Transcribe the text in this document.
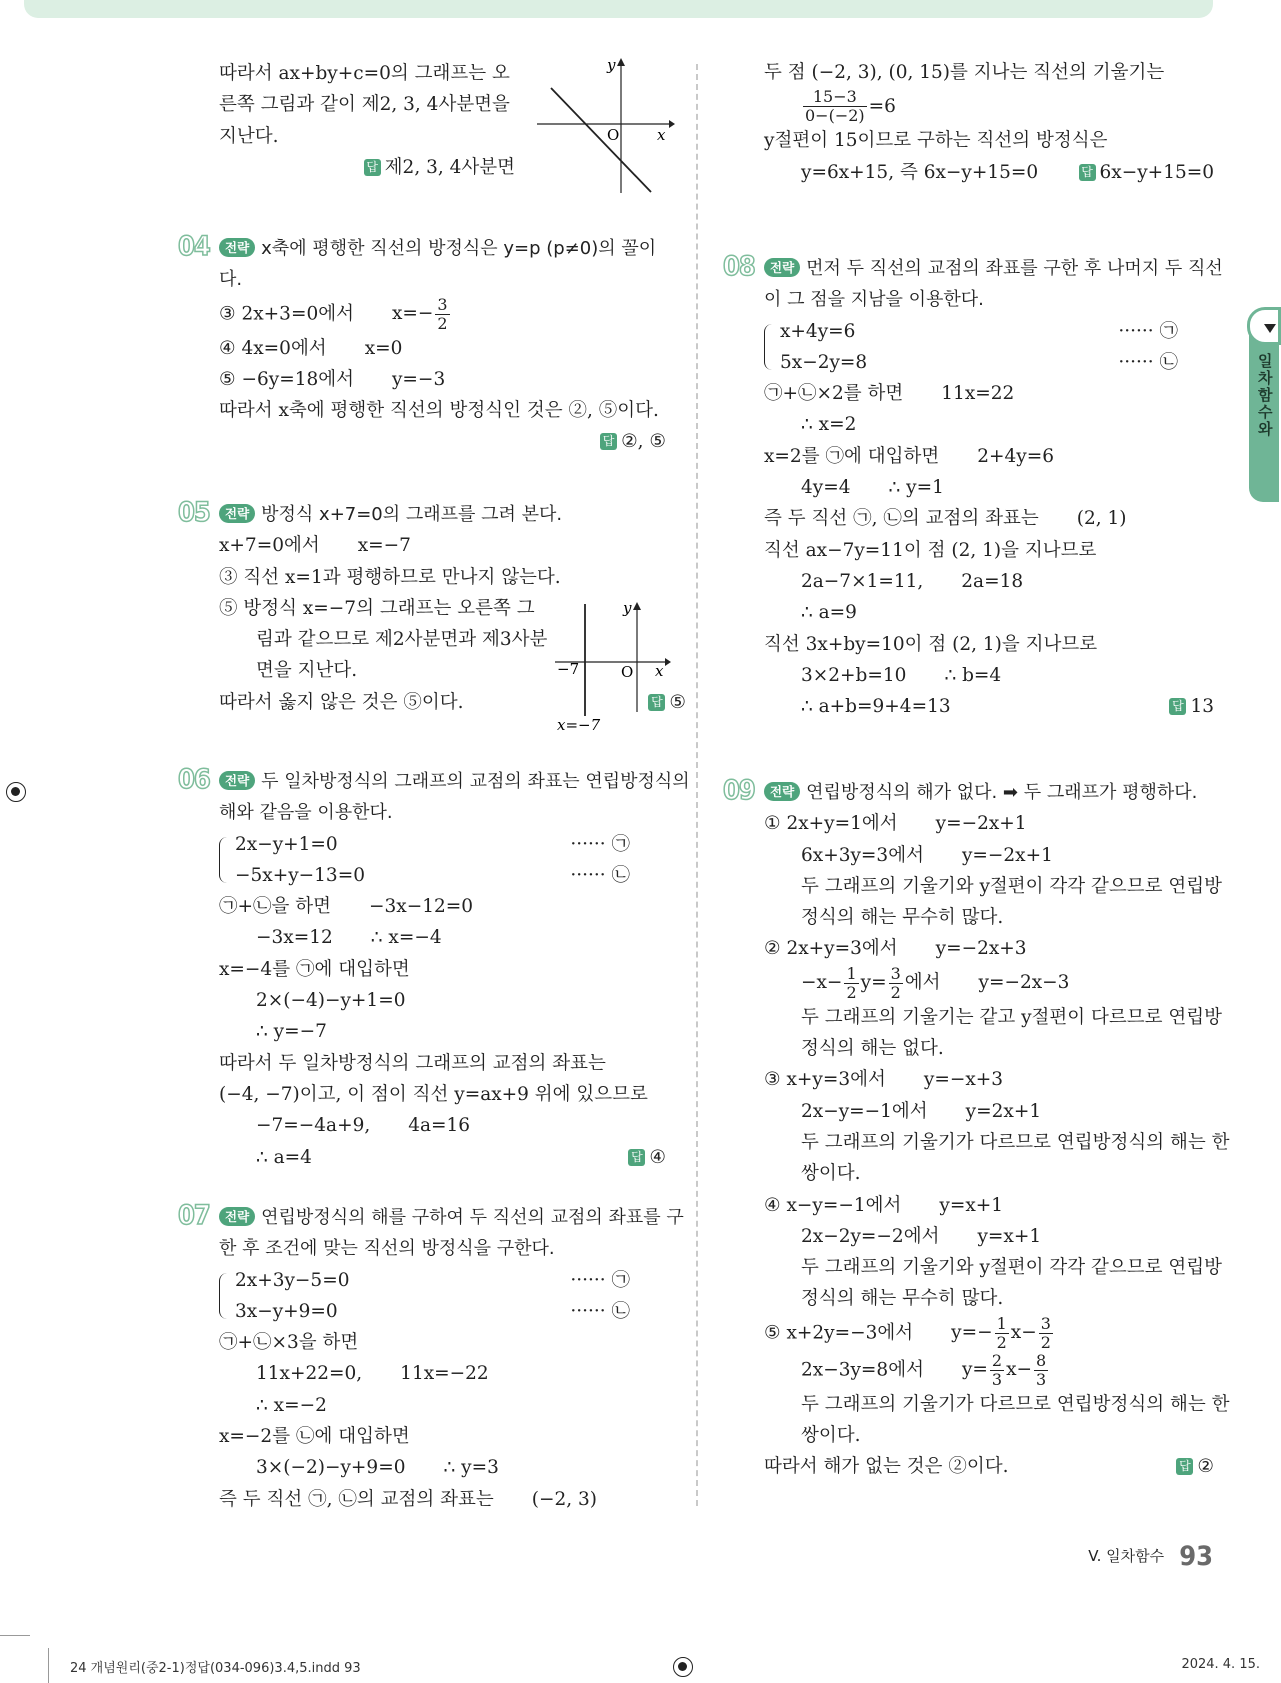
따라서 ax+by+c=0의 그래프는 오
른쪽 그림과 같이 제2, 3, 4사분면을
지난다.
답 제2, 3, 4사분면
04	전략 x축에 평행한 직선의 방정식은 y=p (p≠0)의 꼴이
다.
③ 2x+3=0에서 $x=- \frac{3}{2}$
④ 4x=0에서 x=0
⑤ −6y=18에서 y=−3
따라서 x축에 평행한 직선의 방정식인 것은 ②, ⑤이다.
답 ②, ⑤
05	전략 방정식 x+7=0의 그래프를 그려 본다.
x+7=0에서 x=−7
③ 직선 x=1과 평행하므로 만나지 않는다.
⑤ 방정식 x=−7의 그래프는 오른쪽 그
림과 같으므로 제2사분면과 제3사분
면을 지난다.
따라서 옳지 않은 것은 ⑤이다.	답 ⑤
06	전략 두 일차방정식의 그래프의 교점의 좌표는 연립방정식의
해와 같음을 이용한다.
2x−y+1=0	······ ㉠
−5x+y−13=0	······ ㉡
㉠+㉡을 하면 −3x−12=0
−3x=12 ∴ x=−4
x=−4를 ㉠에 대입하면
2×(−4)−y+1=0
∴ y=−7
따라서 두 일차방정식의 그래프의 교점의 좌표는
(−4, −7)이고, 이 점이 직선 y=ax+9 위에 있으므로
−7=−4a+9, 4a=16
∴ a=4	답 ④
07	전략 연립방정식의 해를 구하여 두 직선의 교점의 좌표를 구
한 후 조건에 맞는 직선의 방정식을 구한다.
2x+3y−5=0	······ ㉠
3x−y+9=0	······ ㉡
㉠+㉡×3을 하면
11x+22=0, 11x=−22
∴ x=−2
x=−2를 ㉡에 대입하면
3×(−2)−y+9=0 ∴ y=3
즉 두 직선 ㉠, ㉡의 교점의 좌표는 (−2, 3)
두 점 (−2, 3), (0, 15)를 지나는 직선의 기울기는
$\frac{15-3}{0-(-2)} =6$
y절편이 15이므로 구하는 직선의 방정식은
y=6x+15, 즉 6x−y+15=0	답 6x−y+15=0
08	전략 먼저 두 직선의 교점의 좌표를 구한 후 나머지 두 직선
이 그 점을 지남을 이용한다.
x+4y=6	······ ㉠
5x−2y=8	······ ㉡
㉠+㉡×2를 하면 11x=22
∴ x=2
x=2를 ㉠에 대입하면 2+4y=6
4y=4 ∴ y=1
즉 두 직선 ㉠, ㉡의 교점의 좌표는 (2, 1)
직선 ax−7y=11이 점 (2, 1)을 지나므로
2a−7×1=11, 2a=18
∴ a=9
직선 3x+by=10이 점 (2, 1)을 지나므로
3×2+b=10 ∴ b=4
∴ a+b=9+4=13	답 13
09	전략 연립방정식의 해가 없다. ➡ 두 그래프가 평행하다.
① 2x+y=1에서 y=−2x+1
6x+3y=3에서 y=−2x+1
두 그래프의 기울기와 y절편이 각각 같으므로 연립방
정식의 해는 무수히 많다.
② 2x+y=3에서 y=−2x+3
$-x- \frac{1}{2} y= \frac{3}{2}$ 에서 y=−2x−3
두 그래프의 기울기는 같고 y절편이 다르므로 연립방
정식의 해는 없다.
③ x+y=3에서 y=−x+3
2x−y=−1에서 y=2x+1
두 그래프의 기울기가 다르므로 연립방정식의 해는 한
쌍이다.
④ x−y=−1에서 y=x+1
2x−2y=−2에서 y=x+1
두 그래프의 기울기와 y절편이 각각 같으므로 연립방
정식의 해는 무수히 많다.
⑤ x+2y=−3에서 $y=- \frac{1}{2} x- \frac{3}{2}$
2x−3y=8에서 $y= \frac{2}{3} x- \frac{8}{3}$
두 그래프의 기울기가 다르므로 연립방정식의 해는 한
쌍이다.
따라서 해가 없는 것은 ②이다.	답 ②
y
x
O
y
x
O
−7
x=−7
일차함수와
V. 일차함수 93
24 개념원리(중2-1)정답(034-096)3.4,5.indd 93	2024. 4. 15.
